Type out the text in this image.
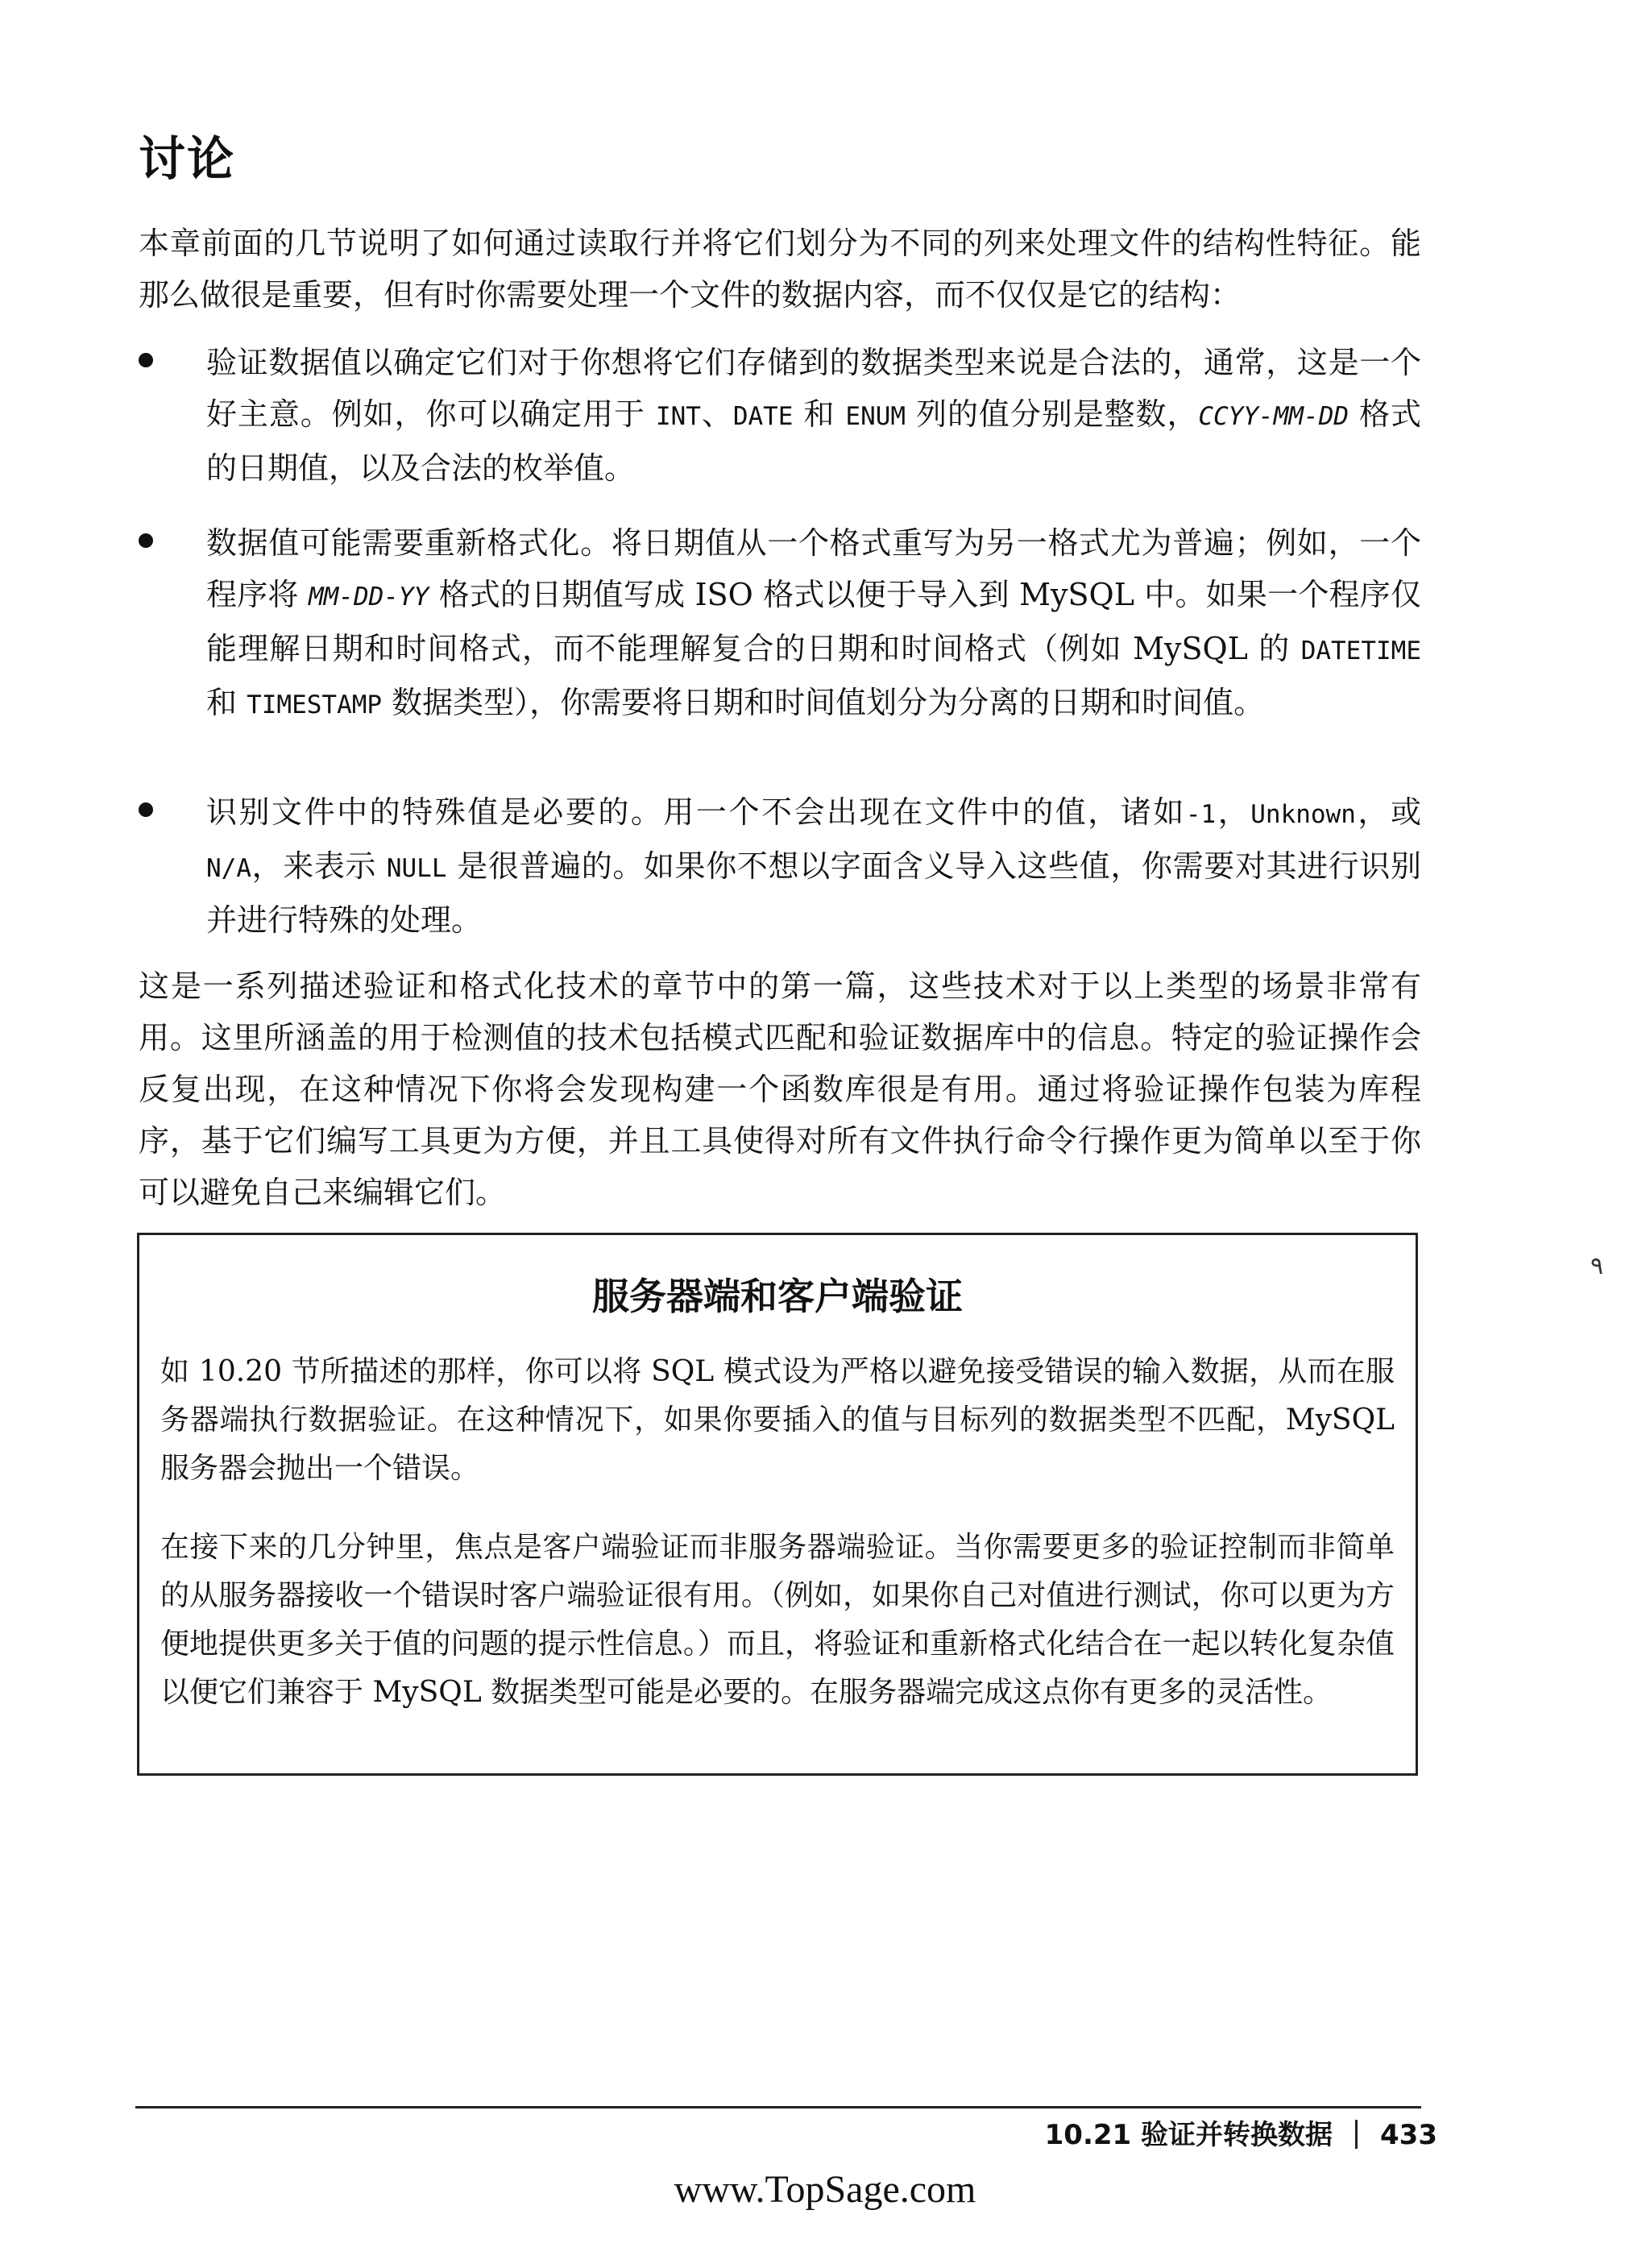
讨论
本章前面的几节说明了如何通过读取行并将它们划分为不同的列来处理文件的结构性特征。能那么做很是重要，但有时你需要处理一个文件的数据内容，而不仅仅是它的结构：
验证数据值以确定它们对于你想将它们存储到的数据类型来说是合法的，通常，这是一个好主意。例如，你可以确定用于 INT、DATE 和 ENUM 列的值分别是整数，CCYY-MM-DD 格式的日期值，以及合法的枚举值。
数据值可能需要重新格式化。将日期值从一个格式重写为另一格式尤为普遍；例如，一个程序将 MM-DD-YY 格式的日期值写成 ISO 格式以便于导入到 MySQL 中。如果一个程序仅能理解日期和时间格式，而不能理解复合的日期和时间格式（例如 MySQL 的 DATETIME 和 TIMESTAMP 数据类型），你需要将日期和时间值划分为分离的日期和时间值。
识别文件中的特殊值是必要的。用一个不会出现在文件中的值，诸如-1，Unknown，或 N/A，来表示 NULL 是很普遍的。如果你不想以字面含义导入这些值，你需要对其进行识别并进行特殊的处理。
这是一系列描述验证和格式化技术的章节中的第一篇，这些技术对于以上类型的场景非常有用。这里所涵盖的用于检测值的技术包括模式匹配和验证数据库中的信息。特定的验证操作会反复出现，在这种情况下你将会发现构建一个函数库很是有用。通过将验证操作包装为库程序，基于它们编写工具更为方便，并且工具使得对所有文件执行命令行操作更为简单以至于你可以避免自己来编辑它们。
٩
服务器端和客户端验证
如 10.20 节所描述的那样，你可以将 SQL 模式设为严格以避免接受错误的输入数据，从而在服务器端执行数据验证。在这种情况下，如果你要插入的值与目标列的数据类型不匹配，MySQL 服务器会抛出一个错误。
在接下来的几分钟里，焦点是客户端验证而非服务器端验证。当你需要更多的验证控制而非简单的从服务器接收一个错误时客户端验证很有用。（例如，如果你自己对值进行测试，你可以更为方便地提供更多关于值的问题的提示性信息。）而且，将验证和重新格式化结合在一起以转化复杂值以便它们兼容于 MySQL 数据类型可能是必要的。在服务器端完成这点你有更多的灵活性。
10.21 验证并转换数据 433
www.TopSage.com
